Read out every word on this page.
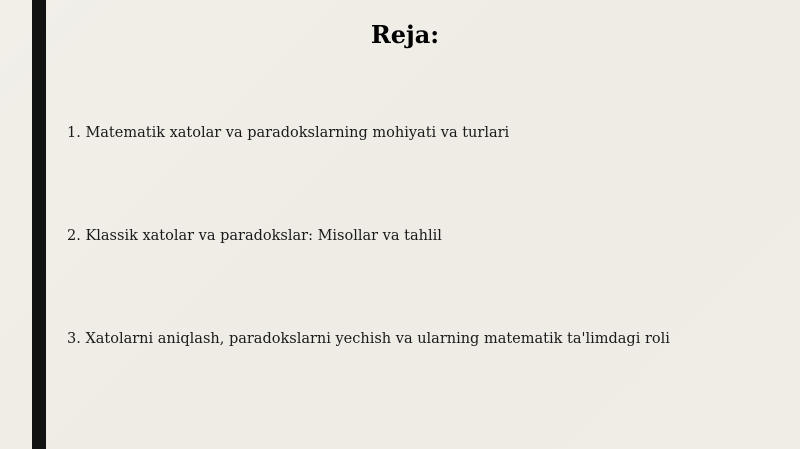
Reja:
1. Matematik xatolar va paradokslarning mohiyati va turlari
2. Klassik xatolar va paradokslar: Misollar va tahlil
3. Xatolarni aniqlash, paradokslarni yechish va ularning matematik ta'limdagi roli
